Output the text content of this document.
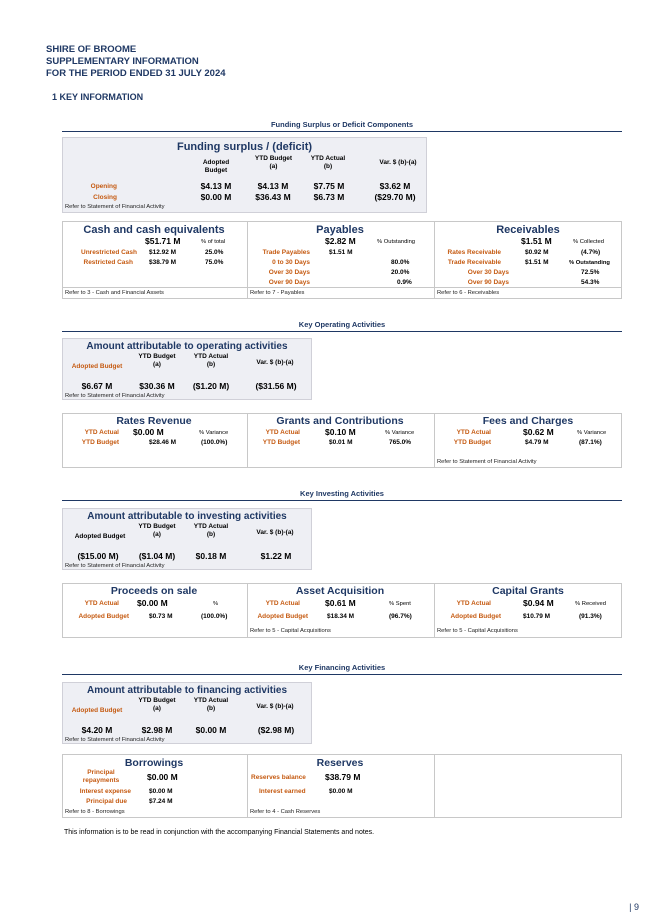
SHIRE OF BROOME
SUPPLEMENTARY INFORMATION
FOR THE PERIOD ENDED 31 JULY 2024
1 KEY INFORMATION
Funding Surplus or Deficit Components
Funding surplus / (deficit)
Adopted Budget
YTD Budget (a)
YTD Actual (b)
Var. $ (b)-(a)
Opening	$4.13 M	$4.13 M	$7.75 M	$3.62 M
Closing	$0.00 M	$36.43 M	$6.73 M	($29.70 M)
Refer to Statement of Financial Activity
Cash and cash equivalents
$51.71 M	% of total
Unrestricted Cash $12.92 M	25.0%
Restricted Cash $38.79 M	75.0%
Refer to 3 - Cash and Financial Assets
Payables
$2.82 M	% Outstanding
Trade Payables	$1.51 M
0 to 30 Days	80.0%
Over 30 Days	20.0%
Over 90 Days	0.9%
Refer to 7 - Payables
Receivables
$1.51 M	% Collected
Rates Receivable	$0.92 M	(4.7%)
Trade Receivable	$1.51 M	% Outstanding
Over 30 Days	72.5%
Over 90 Days	54.3%
Refer to 6 - Receivables
Key Operating Activities
Amount attributable to operating activities
Adopted Budget
YTD Budget (a)
YTD Actual (b)	Var. $ (b)-(a)
$6.67 M	$30.36 M	($1.20 M)	($31.56 M)
Refer to Statement of Financial Activity
Rates Revenue
YTD Actual $0.00 M	% Variance
YTD Budget	$28.46 M	(100.0%)
Grants and Contributions
YTD Actual	$0.10 M	% Variance
YTD Budget	$0.01 M	765.0%
Fees and Charges
YTD Actual	$0.62 M	% Variance
YTD Budget	$4.79 M	(87.1%)
Refer to Statement of Financial Activity
Key Investing Activities
Amount attributable to investing activities
Adopted Budget
YTD Budget (a)
YTD Actual (b)	Var. $ (b)-(a)
($15.00 M)	($1.04 M)	$0.18 M	$1.22 M
Refer to Statement of Financial Activity
Proceeds on sale
YTD Actual $0.00 M	%
Adopted Budget	$0.73 M	(100.0%)
Asset Acquisition
YTD Actual	$0.61 M	% Spent
Adopted Budget	$18.34 M	(96.7%)
Refer to 5 - Capital Acquisitions
Capital Grants
YTD Actual	$0.94 M	% Received
Adopted Budget	$10.79 M	(91.3%)
Refer to 5 - Capital Acquisitions
Key Financing Activities
Amount attributable to financing activities
Adopted Budget
YTD Budget (a)
YTD Actual (b)	Var. $ (b)-(a)
$4.20 M	$2.98 M	$0.00 M	($2.98 M)
Refer to Statement of Financial Activity
Borrowings
Principal repayments	$0.00 M
Interest expense	$0.00 M
Principal due	$7.24 M
Refer to 8 - Borrowings
Reserves
Reserves balance $38.79 M
Interest earned	$0.00 M
Refer to 4 - Cash Reserves
This information is to be read in conjunction with the accompanying Financial Statements and notes.
| 9
